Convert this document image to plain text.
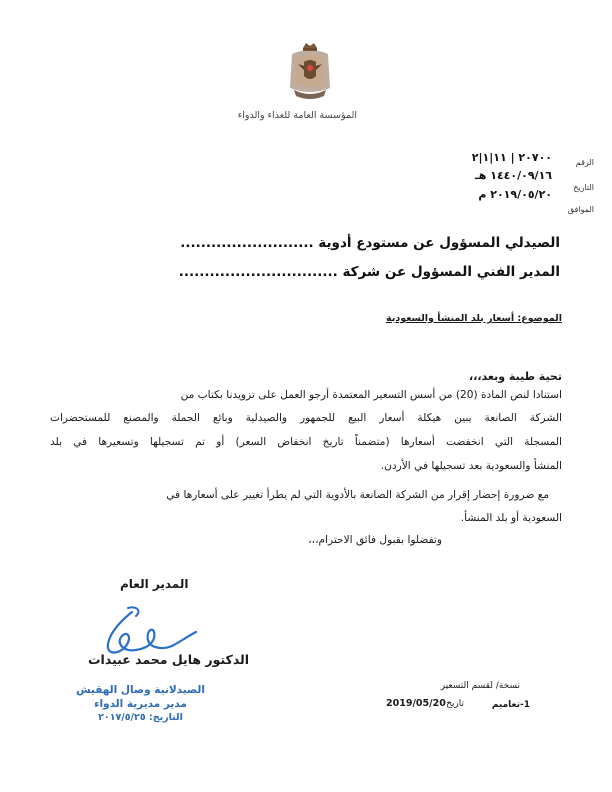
المؤسسة العامة للغذاء والدواء
الرقم
٢٠٧٠٠ | ١١|١|٢
التاريخ
١٤٤٠/٠٩/١٦ هـ
الموافق
٢٠١٩/٠٥/٢٠ م
الصيدلي المسؤول عن مستودع أدوية ..........................
المدير الفني المسؤول عن شركة ...............................
الموضوع: أسعار بلد المنشأ والسعودية
تحية طيبة وبعد،،،
استنادا لنص المادة (20) من أسس التسعير المعتمدة أرجو العمل على تزويدنا بكتاب من
الشركة الصانعة يبين هيكلة أسعار البيع للجمهور والصيدلية وبائع الجملة والمصنع للمستحضرات
المسجلة التي انخفضت أسعارها (متضمناً تاريخ انخفاض السعر) أو تم تسجيلها وتسعيرها في بلد
المنشأ والسعودية بعد تسجيلها في الأردن.
مع ضرورة إحضار إقرار من الشركة الصانعة بالأدوية التي لم يطرأ تغيير على أسعارها في
السعودية أو بلد المنشأ.
وتفضلوا بقبول فائق الاحترام،،،
المدير العام
الدكتور هايل محمد عبيدات
الصيدلانية وصال الهقيش
مدير مديرية الدواء
التاريخ: ٢٠١٧/٥/٢٥
نسخة/ لقسم التسعير
1-تعاميم
تاريخ
2019/05/20
